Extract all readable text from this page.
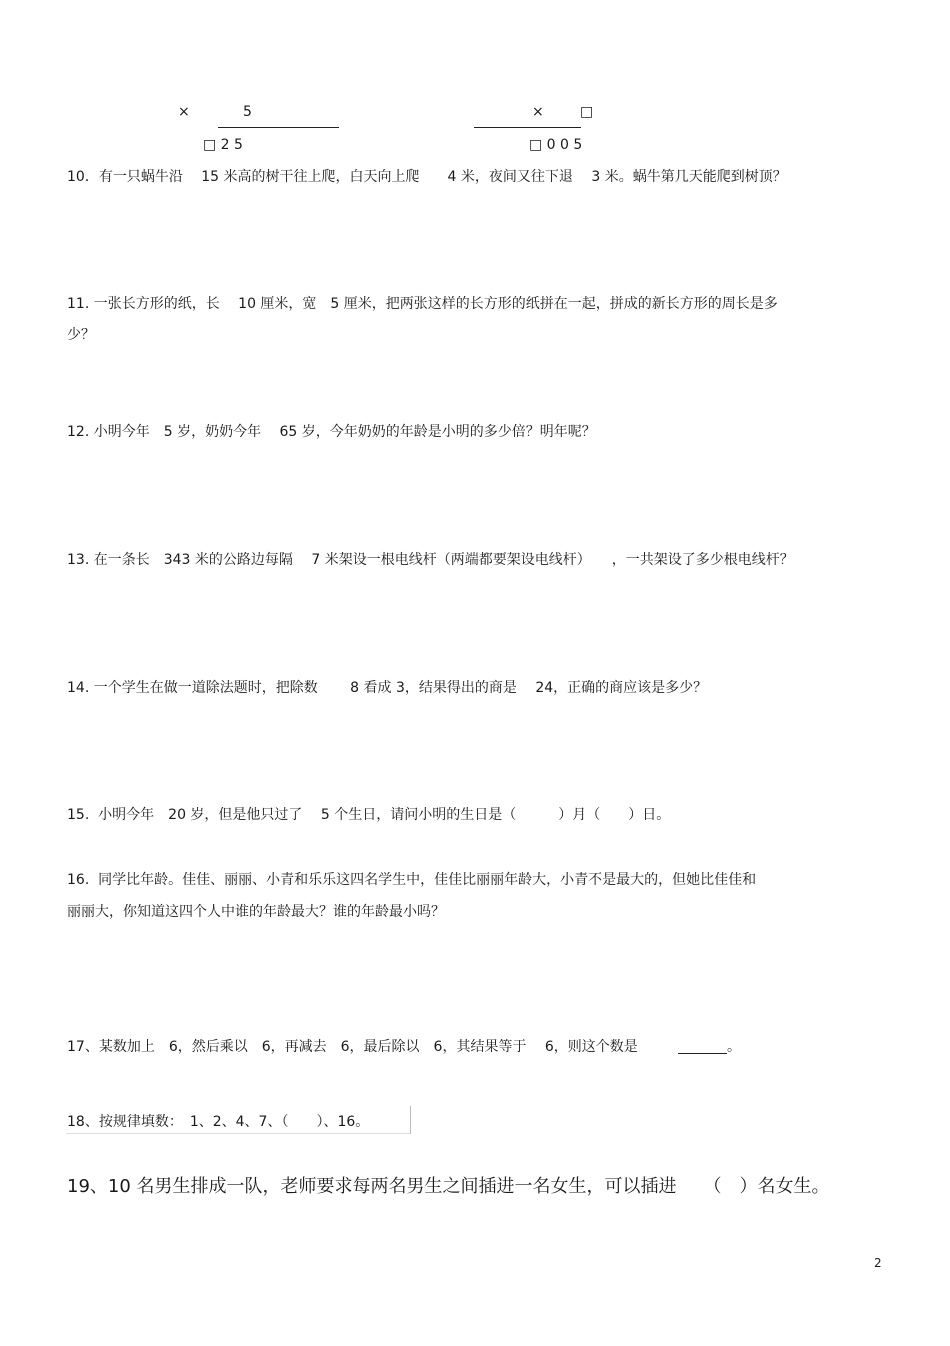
×	5
□ 2 5
×	□
□ 0 0 5
10．有一只蜗牛沿　 15 米高的树干往上爬，白天向上爬　　4 米，夜间又往下退　 3 米。蜗牛第几天能爬到树顶？
11. 一张长方形的纸，长　 10 厘米，宽　5 厘米，把两张这样的长方形的纸拼在一起，拼成的新长方形的周长是多
少？
12. 小明今年　5 岁，奶奶今年　 65 岁，今年奶奶的年龄是小明的多少倍？明年呢？
13. 在一条长　343 米的公路边每隔　 7 米架设一根电线杆（两端都要架设电线杆）　　，一共架设了多少根电线杆？
14. 一个学生在做一道除法题时，把除数　　 8 看成 3，结果得出的商是　 24，正确的商应该是多少？
15.  小明今年　20 岁，但是他只过了　 5 个生日，请问小明的生日是（　　　）月（　　）日。
16.  同学比年龄。佳佳、丽丽、小青和乐乐这四名学生中，佳佳比丽丽年龄大，小青不是最大的，但她比佳佳和
丽丽大，你知道这四个人中谁的年龄最大？谁的年龄最小吗？
17、某数加上　6，然后乘以　6，再减去　6，最后除以　6，其结果等于　 6，则这个数是	。
18、按规律填数：　1、2、4、7、（　　）、16。
19、10 名男生排成一队，老师要求每两名男生之间插进一名女生，可以插进　　（　）名女生。
2
